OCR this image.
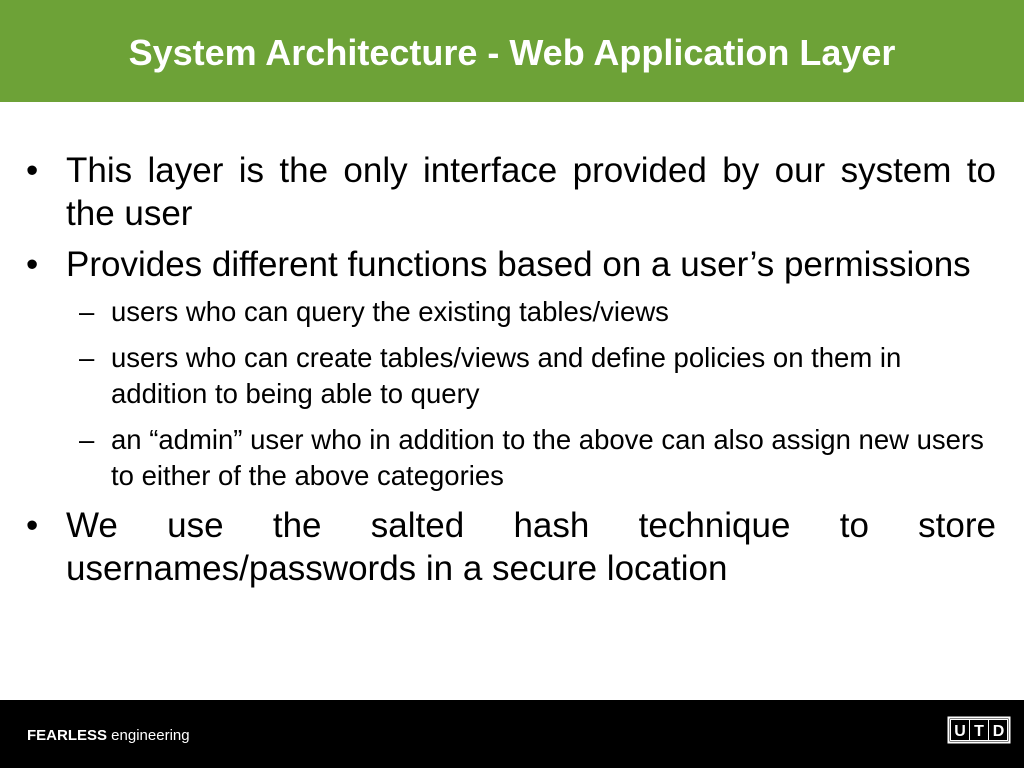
System Architecture - Web Application Layer
• This layer is the only interface provided by our system to the user
• Provides different functions based on a user’s permissions
– users who can query the existing tables/views
– users who can create tables/views and define policies on them in addition to being able to query
– an “admin” user who in addition to the above can also assign new users to either of the above categories
• We use the salted hash technique to store usernames/passwords in a secure location
FEARLESS engineering	U T D
